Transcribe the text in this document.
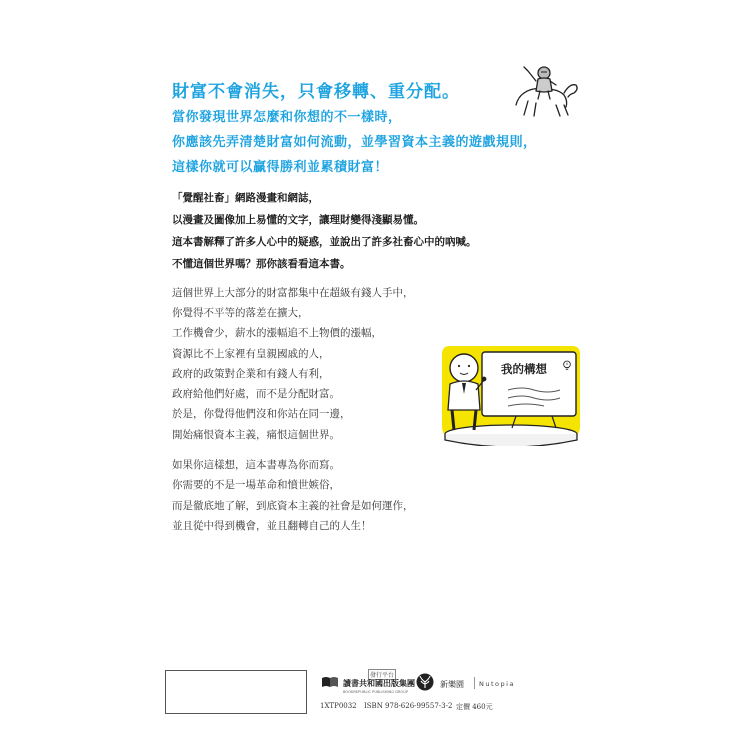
財富不會消失，只會移轉、重分配。
當你發現世界怎麼和你想的不一樣時，
你應該先弄清楚財富如何流動，並學習資本主義的遊戲規則，
這樣你就可以贏得勝利並累積財富！
「覺醒社畜」網路漫畫和網誌，
以漫畫及圖像加上易懂的文字，讓理財變得淺顯易懂。
這本書解釋了許多人心中的疑惑，並說出了許多社畜心中的吶喊。
不懂這個世界嗎？那你該看看這本書。
這個世界上大部分的財富都集中在超級有錢人手中，
你覺得不平等的落差在擴大，
工作機會少，薪水的漲幅追不上物價的漲幅，
資源比不上家裡有皇親國戚的人，
政府的政策對企業和有錢人有利，
政府給他們好處，而不是分配財富。
於是，你覺得他們沒和你站在同一邊，
開始痛恨資本主義，痛恨這個世界。
如果你這樣想，這本書專為你而寫。
你需要的不是一場革命和憤世嫉俗，
而是徹底地了解，到底資本主義的社會是如何運作，
並且從中得到機會，並且翻轉自己的人生！
我的構想
發行平台
讀書共和國出版集團
BOOKREPUBLIC PUBLISHING GROUP
新樂園 Nutopia
1XTP0032 ISBN 978-626-99557-3-2 定價 460元
